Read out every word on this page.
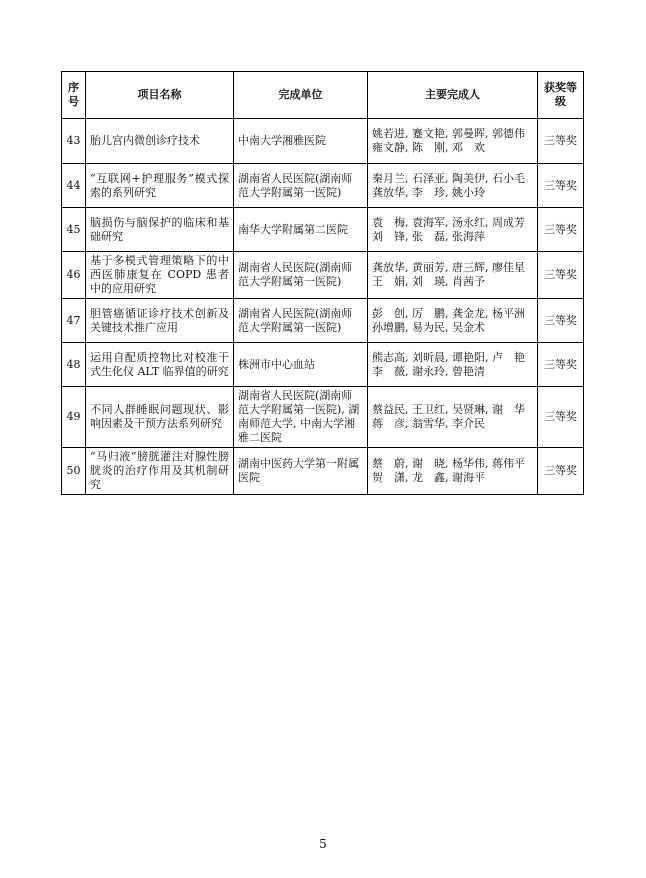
序号	项目名称	完成单位	主要完成人	获奖等级
43	胎儿宫内微创诊疗技术	中南大学湘雅医院	姚若进, 蹇文艳, 郭曼晖, 郭德伟 雍文静, 陈　刚, 邓　欢	三等奖
44	“互联网+护理服务”模式探索的系列研究	湖南省人民医院(湖南师范大学附属第一医院)	秦月兰, 石泽亚, 陶美伊, 石小毛 龚放华, 李　珍, 姚小玲	三等奖
45	脑损伤与脑保护的临床和基础研究	南华大学附属第二医院	袁　梅, 袁海军, 汤永红, 周成芳 刘　锋, 张　磊, 张海萍	三等奖
46	基于多模式管理策略下的中西医肺康复在 COPD 患者中的应用研究	湖南省人民医院(湖南师范大学附属第一医院)	龚放华, 黄丽芳, 唐三辉, 廖佳星 王　娟, 刘　瑛, 肖茜予	三等奖
47	胆管癌循证诊疗技术创新及关键技术推广应用	湖南省人民医院(湖南师范大学附属第一医院)	彭　创, 厉　鹏, 龚金龙, 杨平洲 孙增鹏, 易为民, 吴金术	三等奖
48	运用自配质控物比对校准干式生化仪 ALT 临界值的研究	株洲市中心血站	熊志高, 刘昕晨, 谭艳阳, 卢　艳 李　薇, 谢永玲, 曾艳清	三等奖
49	不同人群睡眠问题现状、影响因素及干预方法系列研究	湖南省人民医院(湖南师范大学附属第一医院), 湖南师范大学, 中南大学湘雅二医院	蔡益民, 王卫红, 吴贤琳, 谢　华 蒋　彦, 翁雪华, 李介民	三等奖
50	“马归液”膀胱灌注对腺性膀胱炎的治疗作用及其机制研究	湖南中医药大学第一附属医院	蔡　蔚, 谢　晓, 杨华伟, 蒋伟平 贺　潇, 龙　鑫, 谢海平	三等奖
5
